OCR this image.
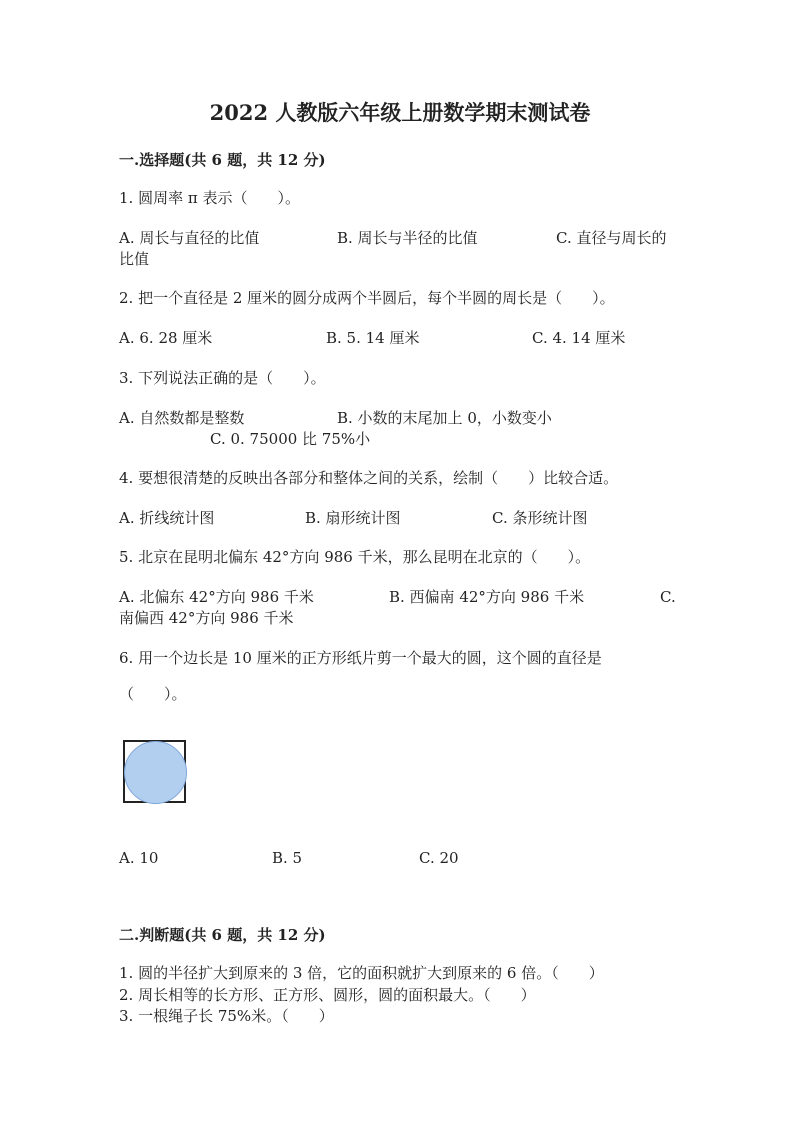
2022 人教版六年级上册数学期末测试卷
一.选择题(共 6 题，共 12 分)
1. 圆周率 π 表示（　　）。
A. 周长与直径的比值	B. 周长与半径的比值	C. 直径与周长的
比值
2. 把一个直径是 2 厘米的圆分成两个半圆后，每个半圆的周长是（　　）。
A. 6. 28 厘米	B. 5. 14 厘米	C. 4. 14 厘米
3. 下列说法正确的是（　　）。
A. 自然数都是整数	B. 小数的末尾加上 0，小数变小
C. 0. 75000 比 75%小
4. 要想很清楚的反映出各部分和整体之间的关系，绘制（　　）比较合适。
A. 折线统计图	B. 扇形统计图	C. 条形统计图
5. 北京在昆明北偏东 42°方向 986 千米，那么昆明在北京的（　　）。
A. 北偏东 42°方向 986 千米	B. 西偏南 42°方向 986 千米	C.
南偏西 42°方向 986 千米
6. 用一个边长是 10 厘米的正方形纸片剪一个最大的圆，这个圆的直径是
（　　）。
A. 10	B. 5	C. 20
二.判断题(共 6 题，共 12 分)
1. 圆的半径扩大到原来的 3 倍，它的面积就扩大到原来的 6 倍。（　　）
2. 周长相等的长方形、正方形、圆形，圆的面积最大。（　　）
3. 一根绳子长 75%米。（　　）
